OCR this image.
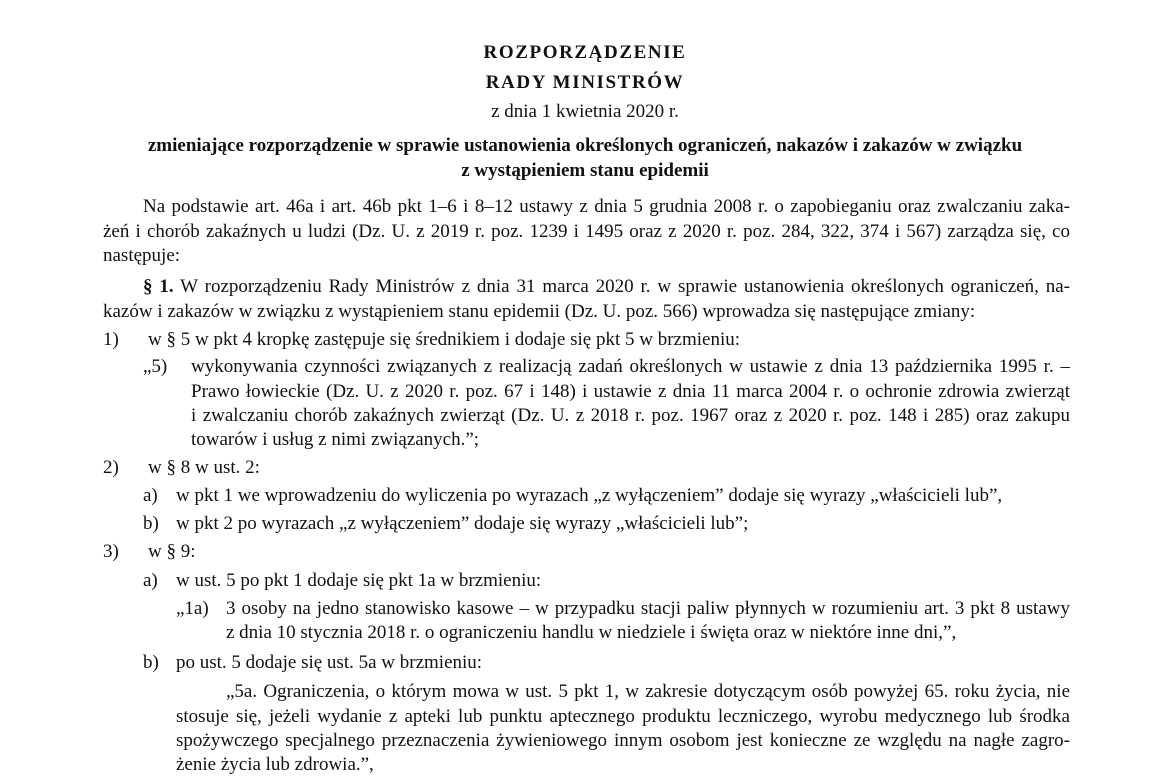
ROZPORZĄDZENIE
RADY MINISTRÓW
z dnia 1 kwietnia 2020 r.
zmieniające rozporządzenie w sprawie ustanowienia określonych ograniczeń, nakazów i zakazów w związku
z wystąpieniem stanu epidemii
Na podstawie art. 46a i art. 46b pkt 1–6 i 8–12 ustawy z dnia 5 grudnia 2008 r. o zapobieganiu oraz zwalczaniu zaka-
żeń i chorób zakaźnych u ludzi (Dz. U. z 2019 r. poz. 1239 i 1495 oraz z 2020 r. poz. 284, 322, 374 i 567) zarządza się, co
następuje:
§ 1. W rozporządzeniu Rady Ministrów z dnia 31 marca 2020 r. w sprawie ustanowienia określonych ograniczeń, na-
kazów i zakazów w związku z wystąpieniem stanu epidemii (Dz. U. poz. 566) wprowadza się następujące zmiany:
1) w § 5 w pkt 4 kropkę zastępuje się średnikiem i dodaje się pkt 5 w brzmieniu:
„5) wykonywania czynności związanych z realizacją zadań określonych w ustawie z dnia 13 października 1995 r. –
Prawo łowieckie (Dz. U. z 2020 r. poz. 67 i 148) i ustawie z dnia 11 marca 2004 r. o ochronie zdrowia zwierząt
i zwalczaniu chorób zakaźnych zwierząt (Dz. U. z 2018 r. poz. 1967 oraz z 2020 r. poz. 148 i 285) oraz zakupu
towarów i usług z nimi związanych.”;
2) w § 8 w ust. 2:
a) w pkt 1 we wprowadzeniu do wyliczenia po wyrazach „z wyłączeniem” dodaje się wyrazy „właścicieli lub”,
b) w pkt 2 po wyrazach „z wyłączeniem” dodaje się wyrazy „właścicieli lub”;
3) w § 9:
a) w ust. 5 po pkt 1 dodaje się pkt 1a w brzmieniu:
„1a) 3 osoby na jedno stanowisko kasowe – w przypadku stacji paliw płynnych w rozumieniu art. 3 pkt 8 ustawy
z dnia 10 stycznia 2018 r. o ograniczeniu handlu w niedziele i święta oraz w niektóre inne dni,”,
b) po ust. 5 dodaje się ust. 5a w brzmieniu:
„5a. Ograniczenia, o którym mowa w ust. 5 pkt 1, w zakresie dotyczącym osób powyżej 65. roku życia, nie
stosuje się, jeżeli wydanie z apteki lub punktu aptecznego produktu leczniczego, wyrobu medycznego lub środka
spożywczego specjalnego przeznaczenia żywieniowego innym osobom jest konieczne ze względu na nagłe zagro-
żenie życia lub zdrowia.”,
